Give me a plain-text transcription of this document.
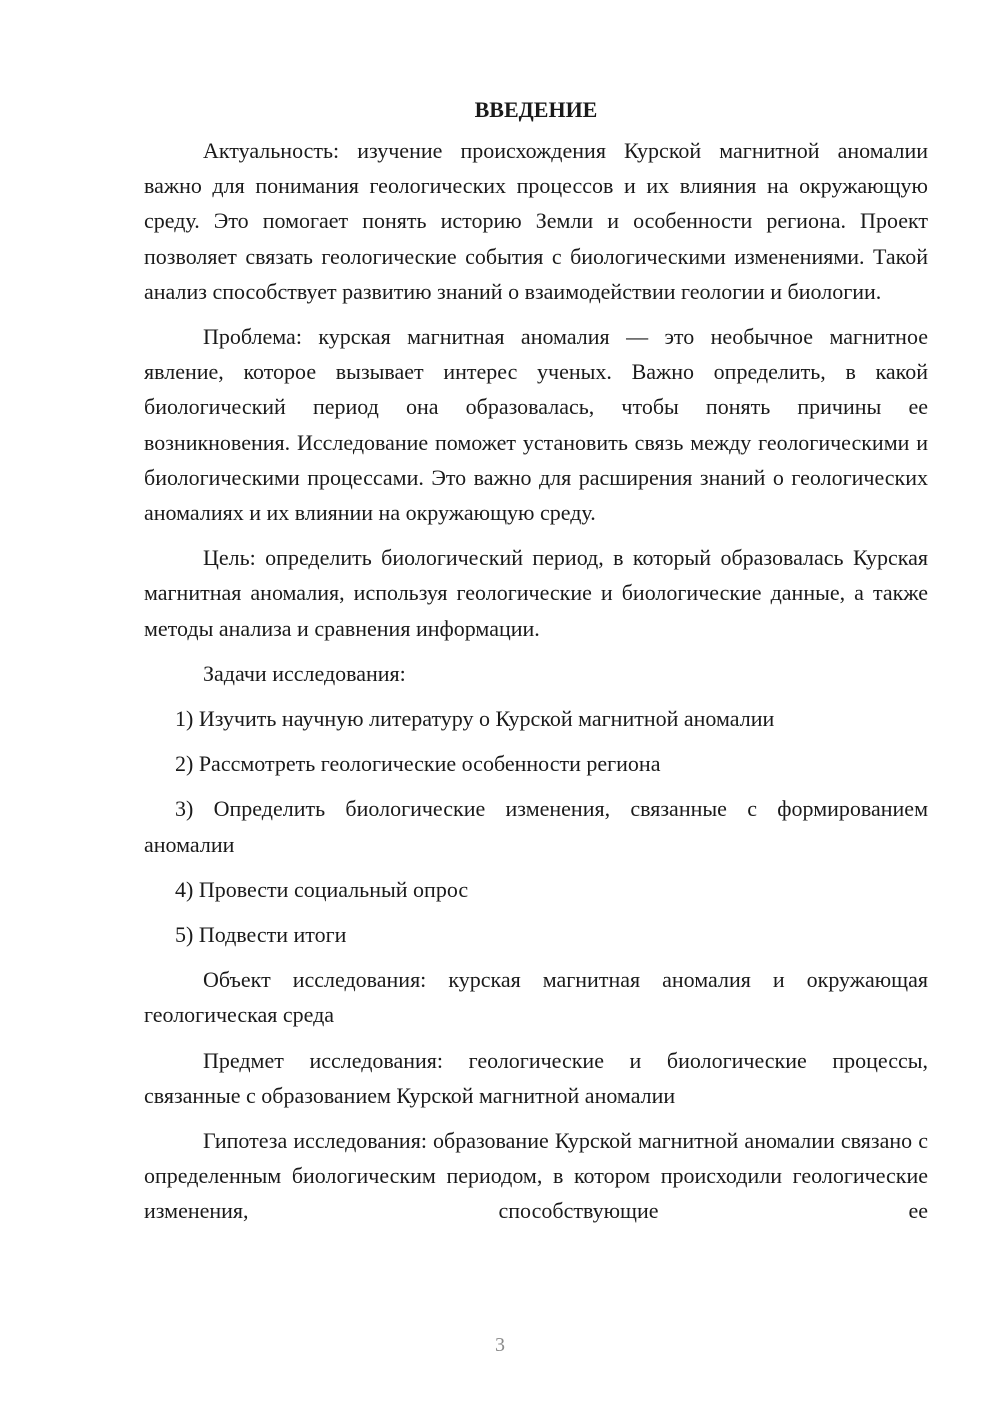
ВВЕДЕНИЕ

Актуальность: изучение происхождения Курской магнитной аномалии важно для понимания геологических процессов и их влияния на окружающую среду. Это помогает понять историю Земли и особенности региона. Проект позволяет связать геологические события с биологическими изменениями. Такой анализ способствует развитию знаний о взаимодействии геологии и биологии.

Проблема: курская магнитная аномалия — это необычное магнитное явление, которое вызывает интерес ученых. Важно определить, в какой биологический период она образовалась, чтобы понять причины ее возникновения. Исследование поможет установить связь между геологическими и биологическими процессами. Это важно для расширения знаний о геологических аномалиях и их влиянии на окружающую среду.

Цель: определить биологический период, в который образовалась Курская магнитная аномалия, используя геологические и биологические данные, а также методы анализа и сравнения информации.

Задачи исследования:

1) Изучить научную литературу о Курской магнитной аномалии

2) Рассмотреть геологические особенности региона

3) Определить биологические изменения, связанные с формированием аномалии

4) Провести социальный опрос

5) Подвести итоги

Объект исследования: курская магнитная аномалия и окружающая геологическая среда

Предмет исследования: геологические и биологические процессы, связанные с образованием Курской магнитной аномалии

Гипотеза исследования: образование Курской магнитной аномалии связано с определенным биологическим периодом, в котором происходили геологические изменения, способствующие ее

3
